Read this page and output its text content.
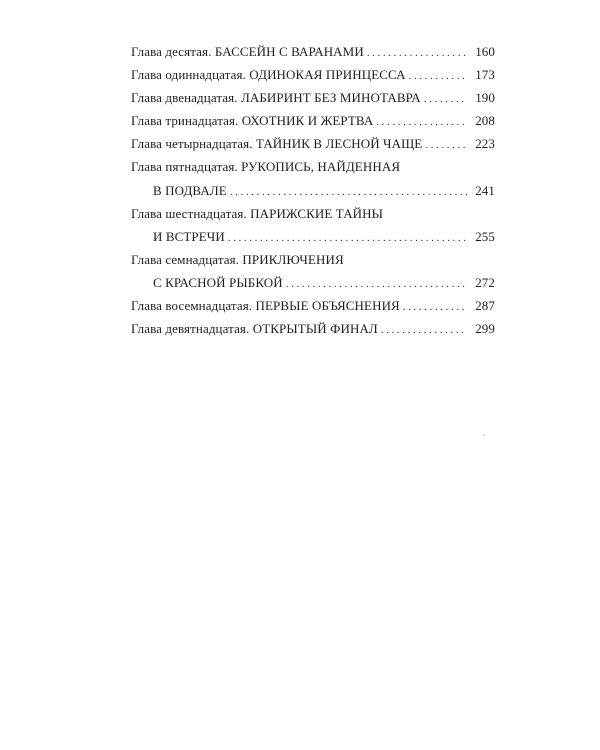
Глава десятая. БАССЕЙН С ВАРАНАМИ .....	160
Глава одиннадцатая. ОДИНОКАЯ ПРИНЦЕССА .....	173
Глава двенадцатая. ЛАБИРИНТ БЕЗ МИНОТАВРА .....	190
Глава тринадцатая. ОХОТНИК И ЖЕРТВА .....	208
Глава четырнадцатая. ТАЙНИК В ЛЕСНОЙ ЧАЩЕ .....	223
Глава пятнадцатая. РУКОПИСЬ, НАЙДЕННАЯ
В ПОДВАЛЕ .....	241
Глава шестнадцатая. ПАРИЖСКИЕ ТАЙНЫ
И ВСТРЕЧИ .....	255
Глава семнадцатая. ПРИКЛЮЧЕНИЯ
С КРАСНОЙ РЫБКОЙ .....	272
Глава восемнадцатая. ПЕРВЫЕ ОБЪЯСНЕНИЯ .....	287
Глава девятнадцатая. ОТКРЫТЫЙ ФИНАЛ .....	299
